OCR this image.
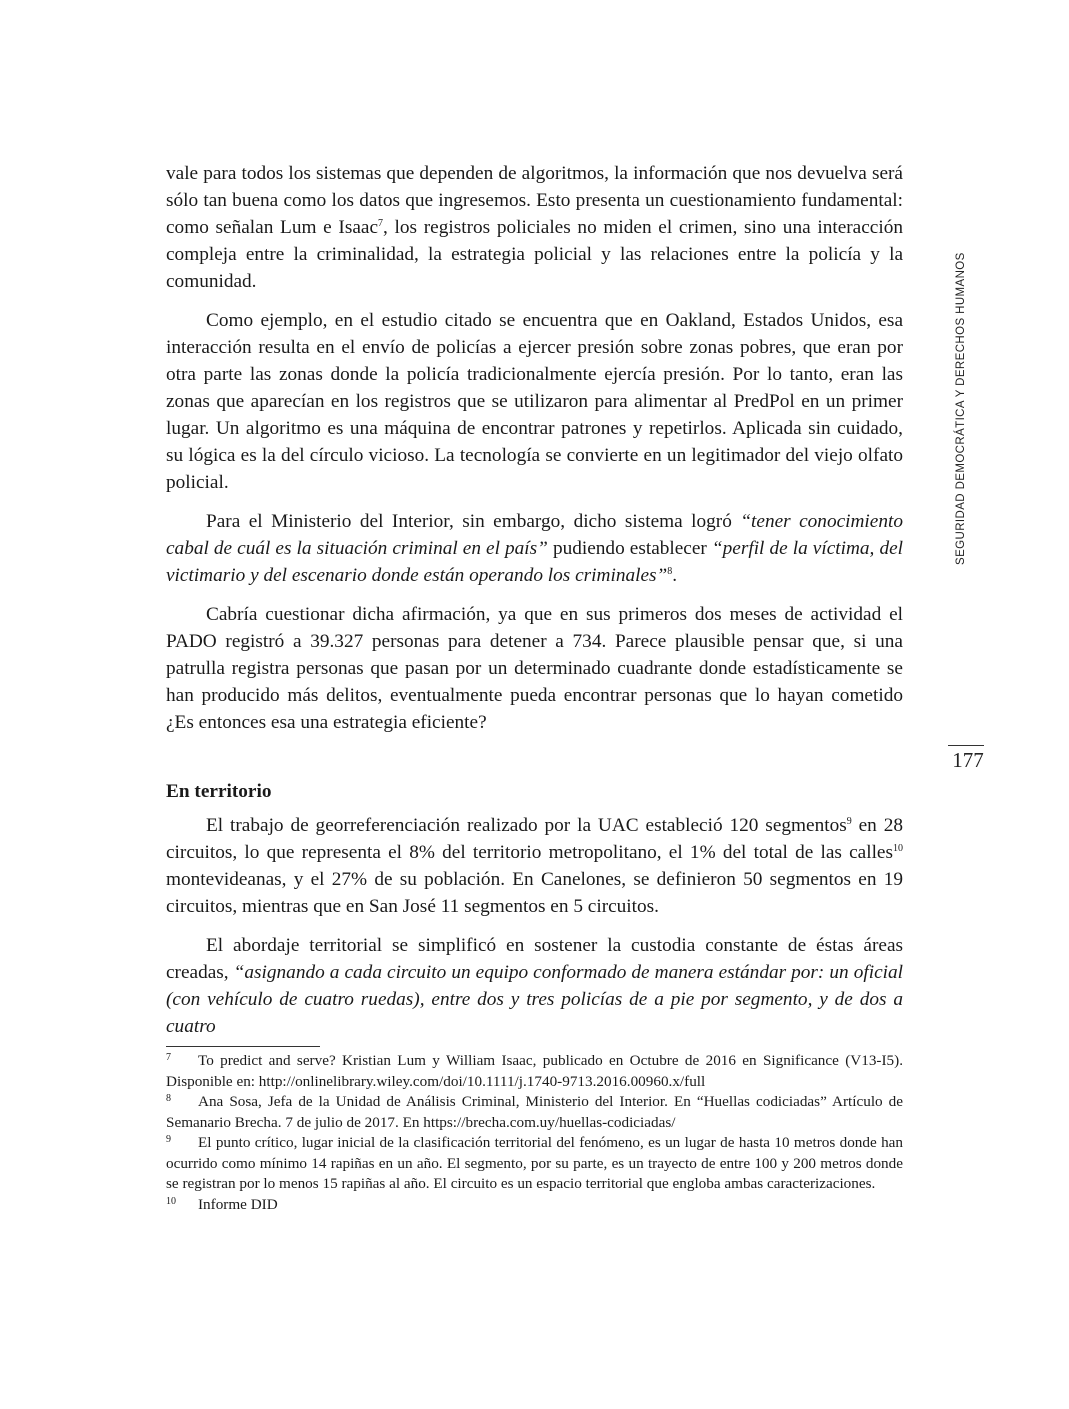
SEGURIDAD DEMOCRÁTICA Y DERECHOS HUMANOS
177

vale para todos los sistemas que dependen de algoritmos, la información que nos devuelva será sólo tan buena como los datos que ingresemos. Esto presenta un cuestionamiento fundamental: como señalan Lum e Isaac$^7$, los registros policiales no miden el crimen, sino una interacción compleja entre la criminalidad, la estrategia policial y las relaciones entre la policía y la comunidad.

Como ejemplo, en el estudio citado se encuentra que en Oakland, Estados Unidos, esa interacción resulta en el envío de policías a ejercer presión sobre zonas pobres, que eran por otra parte las zonas donde la policía tradicionalmente ejercía presión. Por lo tanto, eran las zonas que aparecían en los registros que se utilizaron para alimentar al PredPol en un primer lugar. Un algoritmo es una máquina de encontrar patrones y repetirlos. Aplicada sin cuidado, su lógica es la del círculo vicioso. La tecnología se convierte en un legitimador del viejo olfato policial.

Para el Ministerio del Interior, sin embargo, dicho sistema logró “tener conocimiento cabal de cuál es la situación criminal en el país” pudiendo establecer “perfil de la víctima, del victimario y del escenario donde están operando los criminales”$^8$.

Cabría cuestionar dicha afirmación, ya que en sus primeros dos meses de actividad el PADO registró a 39.327 personas para detener a 734. Parece plausible pensar que, si una patrulla registra personas que pasan por un determinado cuadrante donde estadísticamente se han producido más delitos, eventualmente pueda encontrar personas que lo hayan cometido ¿Es entonces esa una estrategia eficiente?

En territorio

El trabajo de georreferenciación realizado por la UAC estableció 120 segmentos$^9$ en 28 circuitos, lo que representa el 8% del territorio metropolitano, el 1% del total de las calles$^{10}$ montevideanas, y el 27% de su población. En Canelones, se definieron 50 segmentos en 19 circuitos, mientras que en San José 11 segmentos en 5 circuitos.

El abordaje territorial se simplificó en sostener la custodia constante de éstas áreas creadas, “asignando a cada circuito un equipo conformado de manera estándar por: un oficial (con vehículo de cuatro ruedas), entre dos y tres policías de a pie por segmento, y de dos a cuatro

7 To predict and serve? Kristian Lum y William Isaac, publicado en Octubre de 2016 en Significance (V13-I5). Disponible en: http://onlinelibrary.wiley.com/doi/10.1111/j.1740-9713.2016.00960.x/full

8 Ana Sosa, Jefa de la Unidad de Análisis Criminal, Ministerio del Interior. En “Huellas codiciadas” Artículo de Semanario Brecha. 7 de julio de 2017. En https://brecha.com.uy/huellas-codiciadas/

9 El punto crítico, lugar inicial de la clasificación territorial del fenómeno, es un lugar de hasta 10 metros donde han ocurrido como mínimo 14 rapiñas en un año. El segmento, por su parte, es un trayecto de entre 100 y 200 metros donde se registran por lo menos 15 rapiñas al año. El circuito es un espacio territorial que engloba ambas caracterizaciones.

10 Informe DID
